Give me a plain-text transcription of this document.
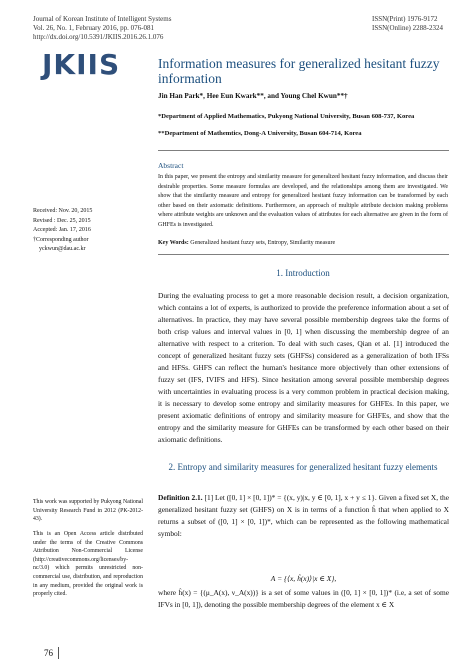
Journal of Korean Institute of Intelligent Systems
Vol. 26, No. 1, February 2016, pp. 076-081
http://dx.doi.org/10.5391/JKIIS.2016.26.1.076
ISSN(Print) 1976-9172
ISSN(Online) 2288-2324
JKIIS	Information measures for generalized hesitant fuzzy information
Jin Han Park*, Hee Eun Kwark**, and Young Chel Kwun**†
*Department of Applied Mathematics, Pukyong National University, Busan 608-737, Korea
**Department of Mathemtics, Dong-A University, Busan 604-714, Korea
Abstract
In this paper, we present the entropy and similarity measure for generalized hesitant fuzzy information, and discuss their desirable properties. Some measure formulas are developed, and the relationships among them are investigated. We show that the similarity measure and entropy for generalized hesitant fuzzy information can be transformed by each other based on their axiomatic definitions. Furthermore, an approach of multiple attribute decision making problems where attribute weights are unknown and the evaluation values of attributes for each alternative are given in the form of GHFEs is investigated.
Key Words: Generalized hesitant fuzzy sets, Entropy, Similarity measure
Received: Nov. 20, 2015
Revised : Dec. 25, 2015
Accepted: Jan. 17, 2016
†Corresponding author
yckwun@dau.ac.kr
1. Introduction
During the evaluating process to get a more reasonable decision result, a decision organization, which contains a lot of experts, is authorized to provide the preference information about a set of alternatives. In practice, they may have several possible membership degrees take the forms of both crisp values and interval values in [0, 1] when discussing the membership degree of an alternative with respect to a criterion. To deal with such cases, Qian et al. [1] introduced the concept of generalized hesitant fuzzy sets (GHFSs) considered as a generalization of both IFSs and HFSs. GHFS can reflect the human's hesitance more objectively than other extensions of fuzzy set (IFS, IVIFS and HFS). Since hesitation among several possible membership degrees with uncertainties in evaluating process is a very common problem in practical decision making, it is necessary to develop some entropy and similarity measures for GHFEs. In this paper, we present axiomatic definitions of entropy and similarity measure for GHFEs, and show that the entropy and the similarity measure for GHFEs can be transformed by each other based on their axiomatic definitions.
2. Entropy and similarity measures for generalized hesitant fuzzy elements
Definition 2.1. [1] Let ([0, 1] × [0, 1])* = {(x, y)|x, y ∈ [0, 1], x + y ≤ 1}. Given a fixed set X, the generalized hesitant fuzzy set (GHFS) on X is in terms of a function ĥ that when applied to X returns a subset of ([0, 1] × [0, 1])*, which can be represented as the following mathematical symbol:
A = {⟨x, ĥ(x)⟩|x ∈ X},
where ĥ(x) = {(μ_A(x), ν_A(x))} is a set of some values in ([0, 1] × [0, 1])* (i.e, a set of some IFVs in [0, 1]), denoting the possible membership degrees of the element x ∈ X
This work was supported by Pukyong National University Research Fund in 2012 (PK-2012-43).
This is an Open Access article distributed under the terms of the Creative Commons Attribution Non-Commercial License (http://creativecommons.org/licenses/by-nc/3.0) which permits unrestricted non-commercial use, distribution, and reproduction in any medium, provided the original work is properly cited.
76
